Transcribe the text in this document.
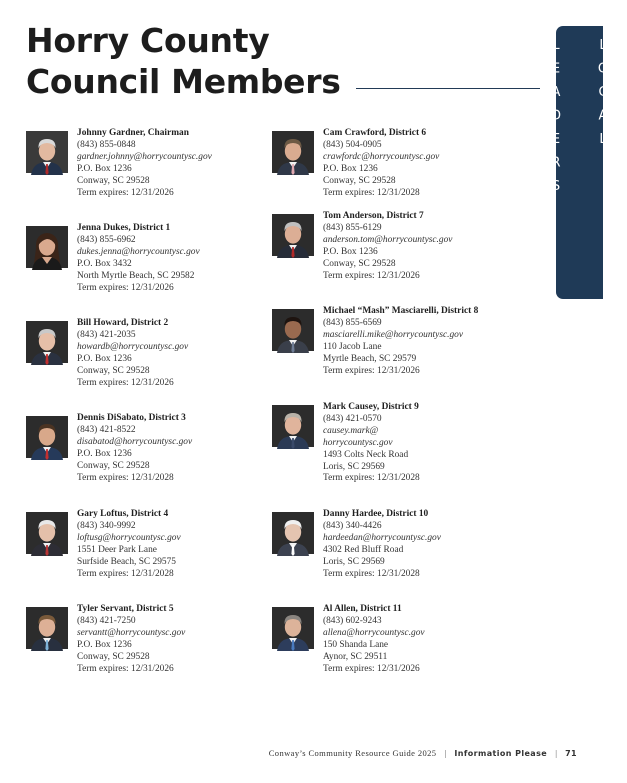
Horry County
Council Members	LOCAL LEADERS
Johnny Gardner, Chairman
(843) 855-0848
gardner.johnny@horrycountysc.gov
P.O. Box 1236
Conway, SC 29528
Term expires: 12/31/2026
Jenna Dukes, District 1
(843) 855-6962
dukes.jenna@horrycountysc.gov
P.O. Box 3432
North Myrtle Beach, SC 29582
Term expires: 12/31/2026
Bill Howard, District 2
(843) 421-2035
howardb@horrycountysc.gov
P.O. Box 1236
Conway, SC 29528
Term expires: 12/31/2026
Dennis DiSabato, District 3
(843) 421-8522
disabatod@horrycountysc.gov
P.O. Box 1236
Conway, SC 29528
Term expires: 12/31/2028
Gary Loftus, District 4
(843) 340-9992
loftusg@horrycountysc.gov
1551 Deer Park Lane
Surfside Beach, SC 29575
Term expires: 12/31/2028
Tyler Servant, District 5
(843) 421-7250
servantt@horrycountysc.gov
P.O. Box 1236
Conway, SC 29528
Term expires: 12/31/2026
Cam Crawford, District 6
(843) 504-0905
crawfordc@horrycountysc.gov
P.O. Box 1236
Conway, SC 29528
Term expires: 12/31/2028
Tom Anderson, District 7
(843) 855-6129
anderson.tom@horrycountysc.gov
P.O. Box 1236
Conway, SC 29528
Term expires: 12/31/2026
Michael “Mash” Masciarelli, District 8
(843) 855-6569
masciarelli.mike@horrycountysc.gov
110 Jacob Lane
Myrtle Beach, SC 29579
Term expires: 12/31/2026
Mark Causey, District 9
(843) 421-0570
causey.mark@
horrycountysc.gov
1493 Colts Neck Road
Loris, SC 29569
Term expires: 12/31/2028
Danny Hardee, District 10
(843) 340-4426
hardeedan@horrycountysc.gov
4302 Red Bluff Road
Loris, SC 29569
Term expires: 12/31/2028
Al Allen, District 11
(843) 602-9243
allena@horrycountysc.gov
150 Shanda Lane
Aynor, SC 29511
Term expires: 12/31/2026
Conway’s Community Resource Guide 2025 | Information Please | 71
